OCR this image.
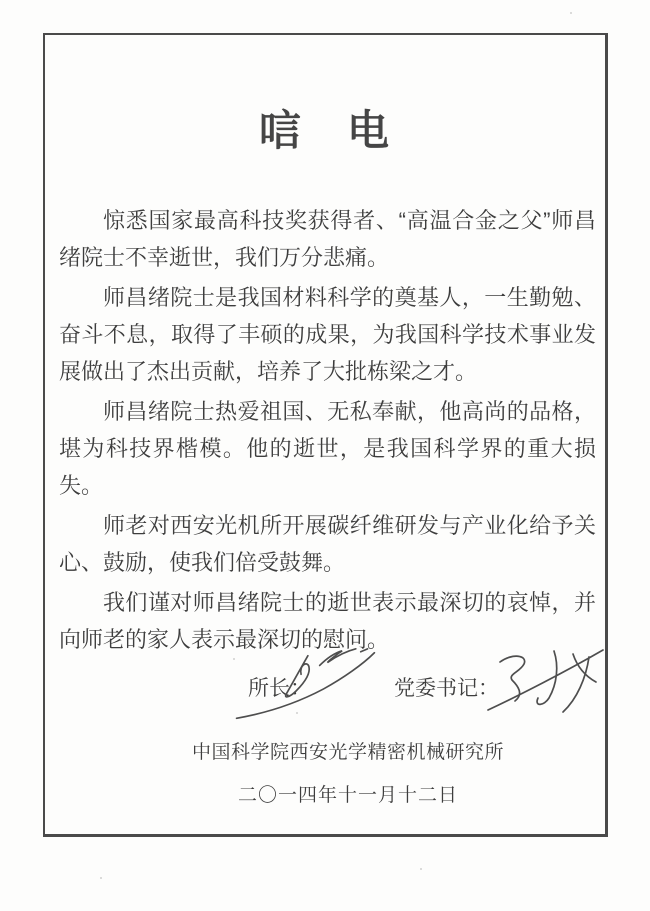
唁　电

惊悉国家最高科技奖获得者、“高温合金之父”师昌绪院士不幸逝世，我们万分悲痛。

师昌绪院士是我国材料科学的奠基人，一生勤勉、奋斗不息，取得了丰硕的成果，为我国科学技术事业发展做出了杰出贡献，培养了大批栋梁之才。

师昌绪院士热爱祖国、无私奉献，他高尚的品格，堪为科技界楷模。他的逝世，是我国科学界的重大损失。

师老对西安光机所开展碳纤维研发与产业化给予关心、鼓励，使我们倍受鼓舞。

我们谨对师昌绪院士的逝世表示最深切的哀悼，并向师老的家人表示最深切的慰问。

所长：	党委书记：
中国科学院西安光学精密机械研究所
二〇一四年十一月十二日
